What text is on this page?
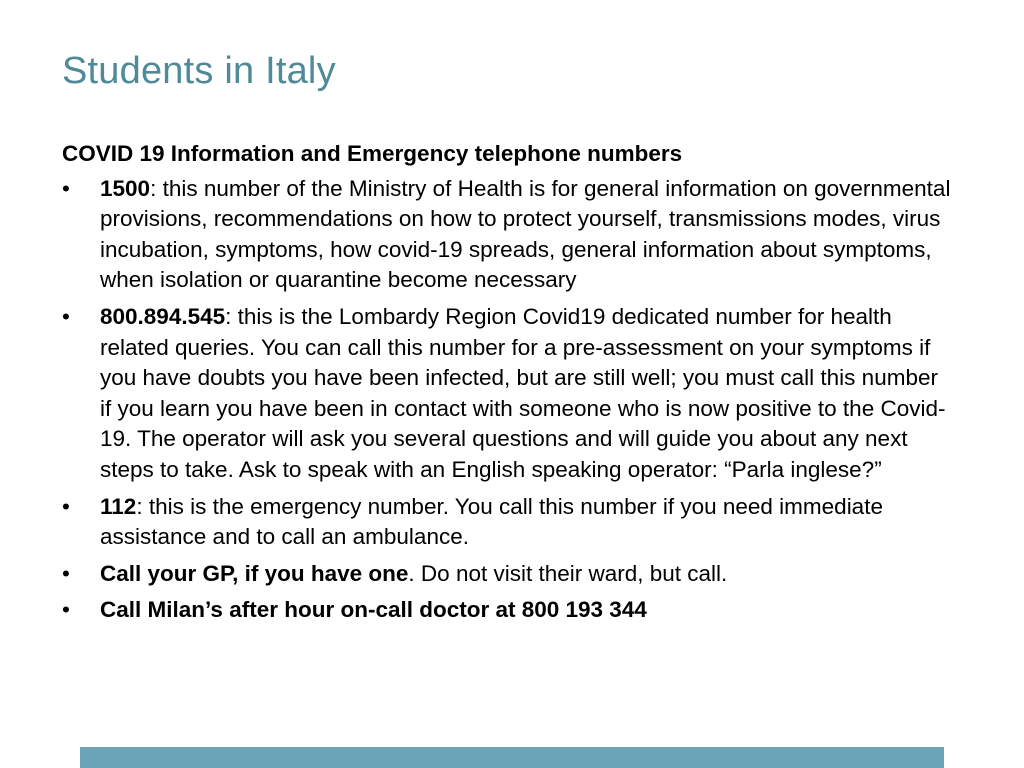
Students in Italy

COVID 19 Information and Emergency telephone numbers

•	1500: this number of the Ministry of Health is for general information on governmental provisions, recommendations on how to protect yourself, transmissions modes, virus incubation, symptoms, how covid-19 spreads, general information about symptoms, when isolation or quarantine become necessary
•	800.894.545: this is the Lombardy Region Covid19 dedicated number for health related queries. You can call this number for a pre-assessment on your symptoms if you have doubts you have been infected, but are still well; you must call this number if you learn you have been in contact with someone who is now positive to the Covid-19. The operator will ask you several questions and will guide you about any next steps to take. Ask to speak with an English speaking operator: “Parla inglese?”
•	112: this is the emergency number. You call this number if you need immediate assistance and to call an ambulance.
•	Call your GP, if you have one. Do not visit their ward, but call.
•	Call Milan’s after hour on-call doctor at 800 193 344
